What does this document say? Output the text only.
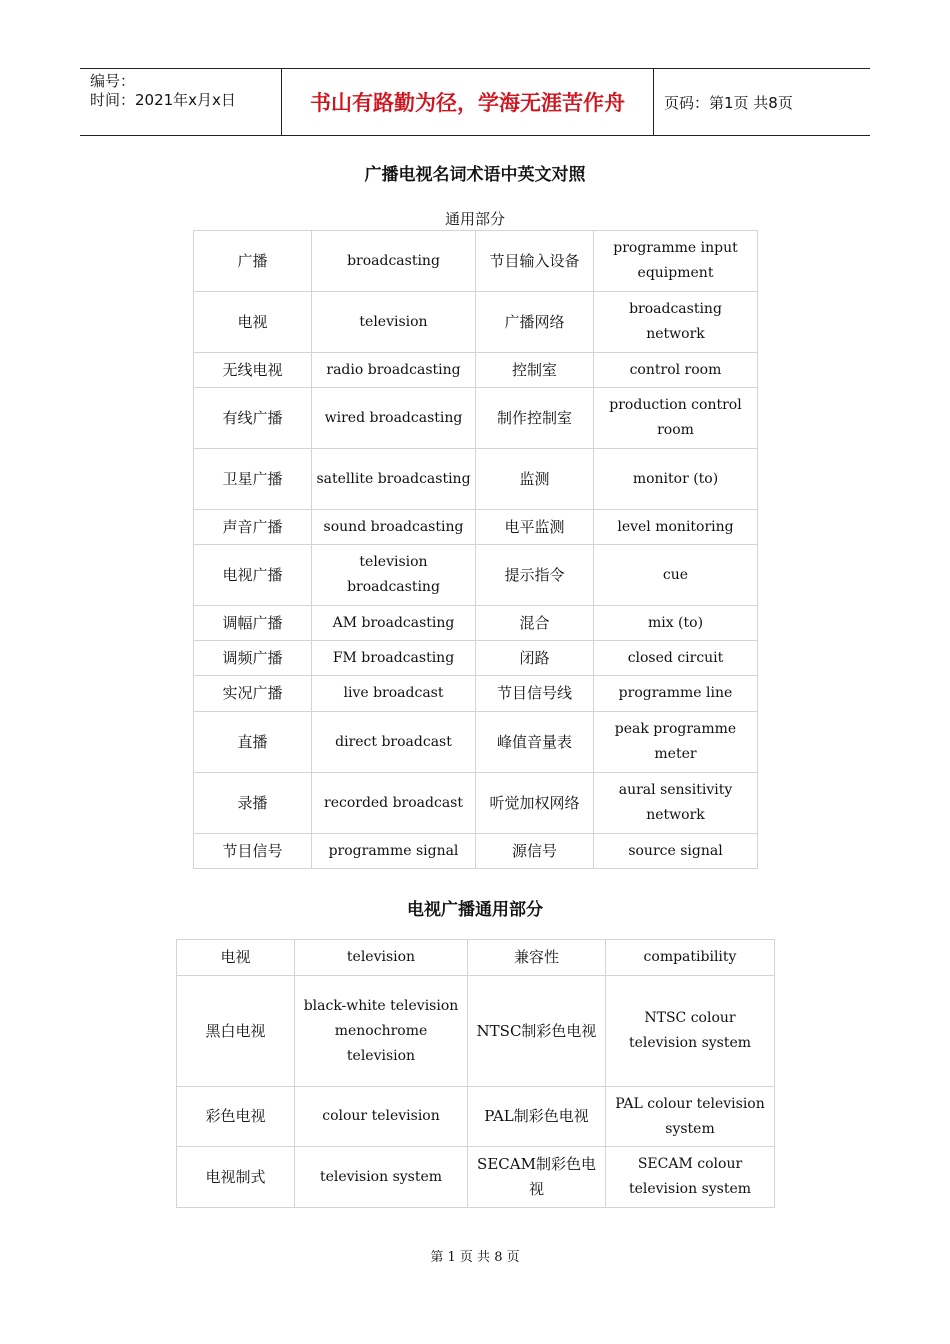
编号：
时间：2021年x月x日	书山有路勤为径，学海无涯苦作舟	页码：第1页 共8页
广播电视名词术语中英文对照
通用部分
广播	broadcasting	节目输入设备	programme input equipment
电视	television	广播网络	broadcasting network
无线电视	radio broadcasting	控制室	control room
有线广播	wired broadcasting	制作控制室	production control room
卫星广播	satellite broadcasting	监测	monitor (to)
声音广播	sound broadcasting	电平监测	level monitoring
电视广播	television broadcasting	提示指令	cue
调幅广播	AM broadcasting	混合	mix (to)
调频广播	FM broadcasting	闭路	closed circuit
实况广播	live broadcast	节目信号线	programme line
直播	direct broadcast	峰值音量表	peak programme meter
录播	recorded broadcast	听觉加权网络	aural sensitivity network
节目信号	programme signal	源信号	source signal
电视广播通用部分
电视	television	兼容性	compatibility
黑白电视	black-white television menochrome television	NTSC制彩色电视	NTSC colour television system
彩色电视	colour television	PAL制彩色电视	PAL colour television system
电视制式	television system	SECAM制彩色电视	SECAM colour television system
第 1 页 共 8 页
